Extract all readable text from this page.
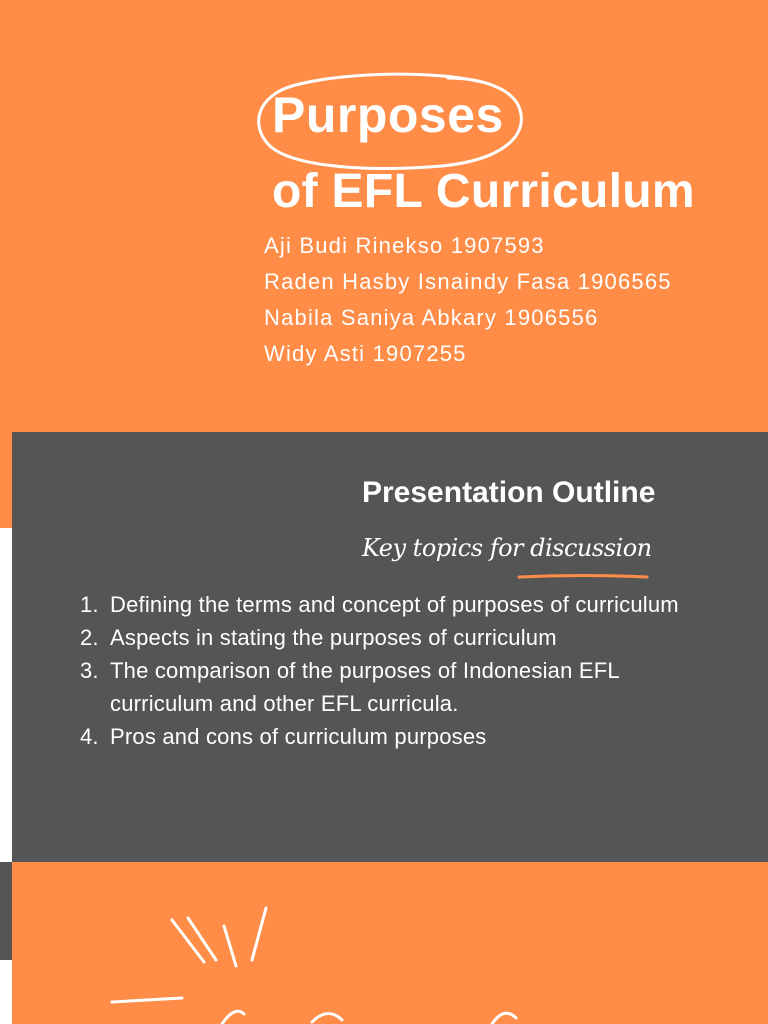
Purposes
of EFL Curriculum
Aji Budi Rinekso 1907593
Raden Hasby Isnaindy Fasa 1906565
Nabila Saniya Abkary 1906556
Widy Asti 1907255
Presentation Outline
Key topics for discussion
1. Defining the terms and concept of purposes of curriculum
2. Aspects in stating the purposes of curriculum
3. The comparison of the purposes of Indonesian EFL curriculum and other EFL curricula.
4. Pros and cons of curriculum purposes
